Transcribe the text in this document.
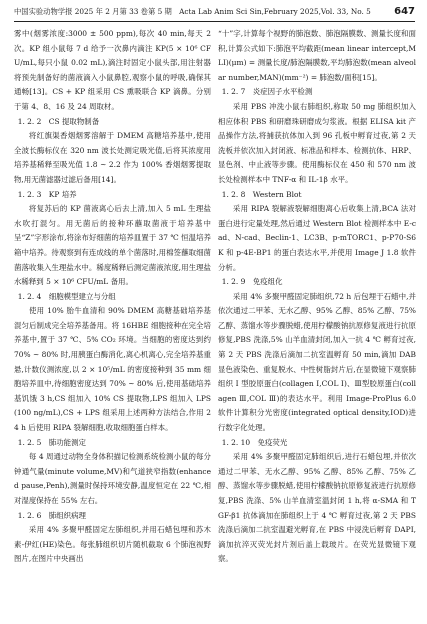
中国实验动物学报 2025 年 2 月第 33 卷第 5 期　Acta Lab Anim Sci Sin,February 2025,Vol. 33, No. 5 647

雾中(烟雾浓度:3000 ± 500 ppm),每次 40 min,每天 2 次。KP 组小鼠每 7 d 给予一次鼻内滴注 KP(5 × 10⁶ CFU/mL,每只小鼠 0.02 mL),滴注时固定小鼠头部,用注射器将预先制备好的菌液滴入小鼠鼻腔,观察小鼠的呼吸,确保其通畅[13]。CS + KP 组采用 CS 熏吸联合 KP 滴鼻。分别于第 4、8、16 及 24 周取材。

1. 2. 2　CS 提取物制备

将红旗渠香烟烟雾溶解于 DMEM 高糖培养基中,使用全波长酶标仪在 320 nm 波长处测定吸光值,后将其浓度用培养基稀释至吸光值 1.8 ~ 2.2 作为 100% 香烟烟雾提取物,用无菌滤器过滤后备用[14]。

1. 2. 3　KP 培养

将复苏后的 KP 菌液离心后去上清,加入 5 mL 生理盐水吹打混匀。用无菌后的接种环蘸取菌液于培养基中呈“Z”字形涂布,将涂布好细菌的培养皿置于 37 ℃ 恒温培养箱中培养。待观察到有连成线的单个菌落时,用棉签蘸取细菌菌落收集入生理盐水中。稀度稀释后测定菌液浓度,用生理盐水稀释到 5 × 10⁶ CFU/mL 备用。

1. 2. 4　细胞模型建立与分组

使用 10% 胎牛血清和 90% DMEM 高糖基础培养基混匀后制成完全培养基备用。将 16HBE 细胞接种在完全培养基中,置于 37 ℃、5% CO₂ 环境。当细胞的密度达到约 70% ~ 80% 时,用胰蛋白酶消化,离心机离心,完全培养基重悬,计数仪测浓度,以 2 × 10⁵/mL 的密度接种到 35 mm 细胞培养皿中,待细胞密度达到 70% ~ 80% 后,使用基础培养基饥饿 3 h,CS 组加入 10% CS 提取物,LPS 组加入 LPS(100 ng/mL),CS + LPS 组采用上述两种方法结合,作用 24 h 后使用 RIPA 裂解细胞,收取细胞蛋白样本。

1. 2. 5　肺功能测定

每 4 周通过动物全身体积描记检测系统检测小鼠的每分钟通气量(minute volume,MV)和气道狭窄指数(enhanced pause,Penh),测量时保持环境安静,温度恒定在 22 ℃,相对湿度保持在 55% 左右。

1. 2. 6　肺组织病理

采用 4% 多聚甲醛固定左肺组织,并用石蜡包埋和苏木素-伊红(HE)染色。每张肺组织切片随机截取 6 个肺泡视野图片,在图片中央画出

“十”字,计算每个视野的肺泡数、肺泡隔膜数、测量长度和面积,计算公式如下:肺泡平均截距(mean linear intercept,MLI)(μm) = 测量长度/肺泡隔膜数,平均肺泡数(mean alveolar number,MAN)(mm⁻²) = 肺泡数/面积[15]。

1. 2. 7　炎症因子水平检测

采用 PBS 冲洗小鼠右肺组织,称取 50 mg 肺组织加入相应体积 PBS 和研磨珠研磨成匀浆液。根据 ELISA kit 产品操作方法,将捕获抗体加入到 96 孔板中孵育过夜,第 2 天洗板并依次加入封闭液、标准品和样本、检测抗体、HRP、显色剂、中止液等步骤。使用酶标仪在 450 和 570 nm 波长处检测样本中 TNF-α 和 IL-1β 水平。

1. 2. 8　Western Blot

采用 RIPA 裂解液裂解细胞离心后收集上清,BCA 法对蛋白进行定量处理,然后通过 Western Blot 检测样本中 E-cad、N-cad、Beclin-1、LC3B、p-mTORC1、p-P70-S6K 和 p-4E-BP1 的蛋白表达水平,并使用 Image J 1.8 软件分析。

1. 2. 9　免疫组化

采用 4% 多聚甲醛固定肺组织,72 h 后包埋于石蜡中,并依次通过二甲苯、无水乙醇、95% 乙醇、85% 乙醇、75% 乙醇、蒸馏水等步骤脱蜡,使用柠檬酸钠抗原修复液进行抗原修复,PBS 洗涤,5% 山羊血清封闭,加入一抗 4 ℃ 孵育过夜,第 2 天 PBS 洗涤后滴加二抗室温孵育 50 min,滴加 DAB 显色液染色、重复脱水、中性树脂封片后,在显微镜下观察肺组织 Ⅰ 型胶原蛋白(collagen Ⅰ,COL Ⅰ)、Ⅲ型胶原蛋白(collagen Ⅲ,COL Ⅲ)的表达水平。利用 Image-ProPlus 6.0 软件计算积分光密度(integrated optical density,IOD)进行数字化处理。

1. 2. 10　免疫荧光

采用 4% 多聚甲醛固定肺组织后,进行石蜡包埋,并依次通过二甲苯、无水乙醇、95% 乙醇、85% 乙醇、75% 乙醇、蒸馏水等步骤脱蜡,使用柠檬酸钠抗原修复液进行抗原修复,PBS 洗涤、5% 山羊血清室温封闭 1 h,将 α-SMA 和 TGF-β1 抗体滴加在肺组织上于 4 ℃ 孵育过夜,第 2 天 PBS 洗涤后滴加二抗室温避光孵育,在 PBS 中浸洗后孵育 DAPI,滴加抗淬灭荧光封片剂后盖上载玻片。在荧光显微镜下观察。
